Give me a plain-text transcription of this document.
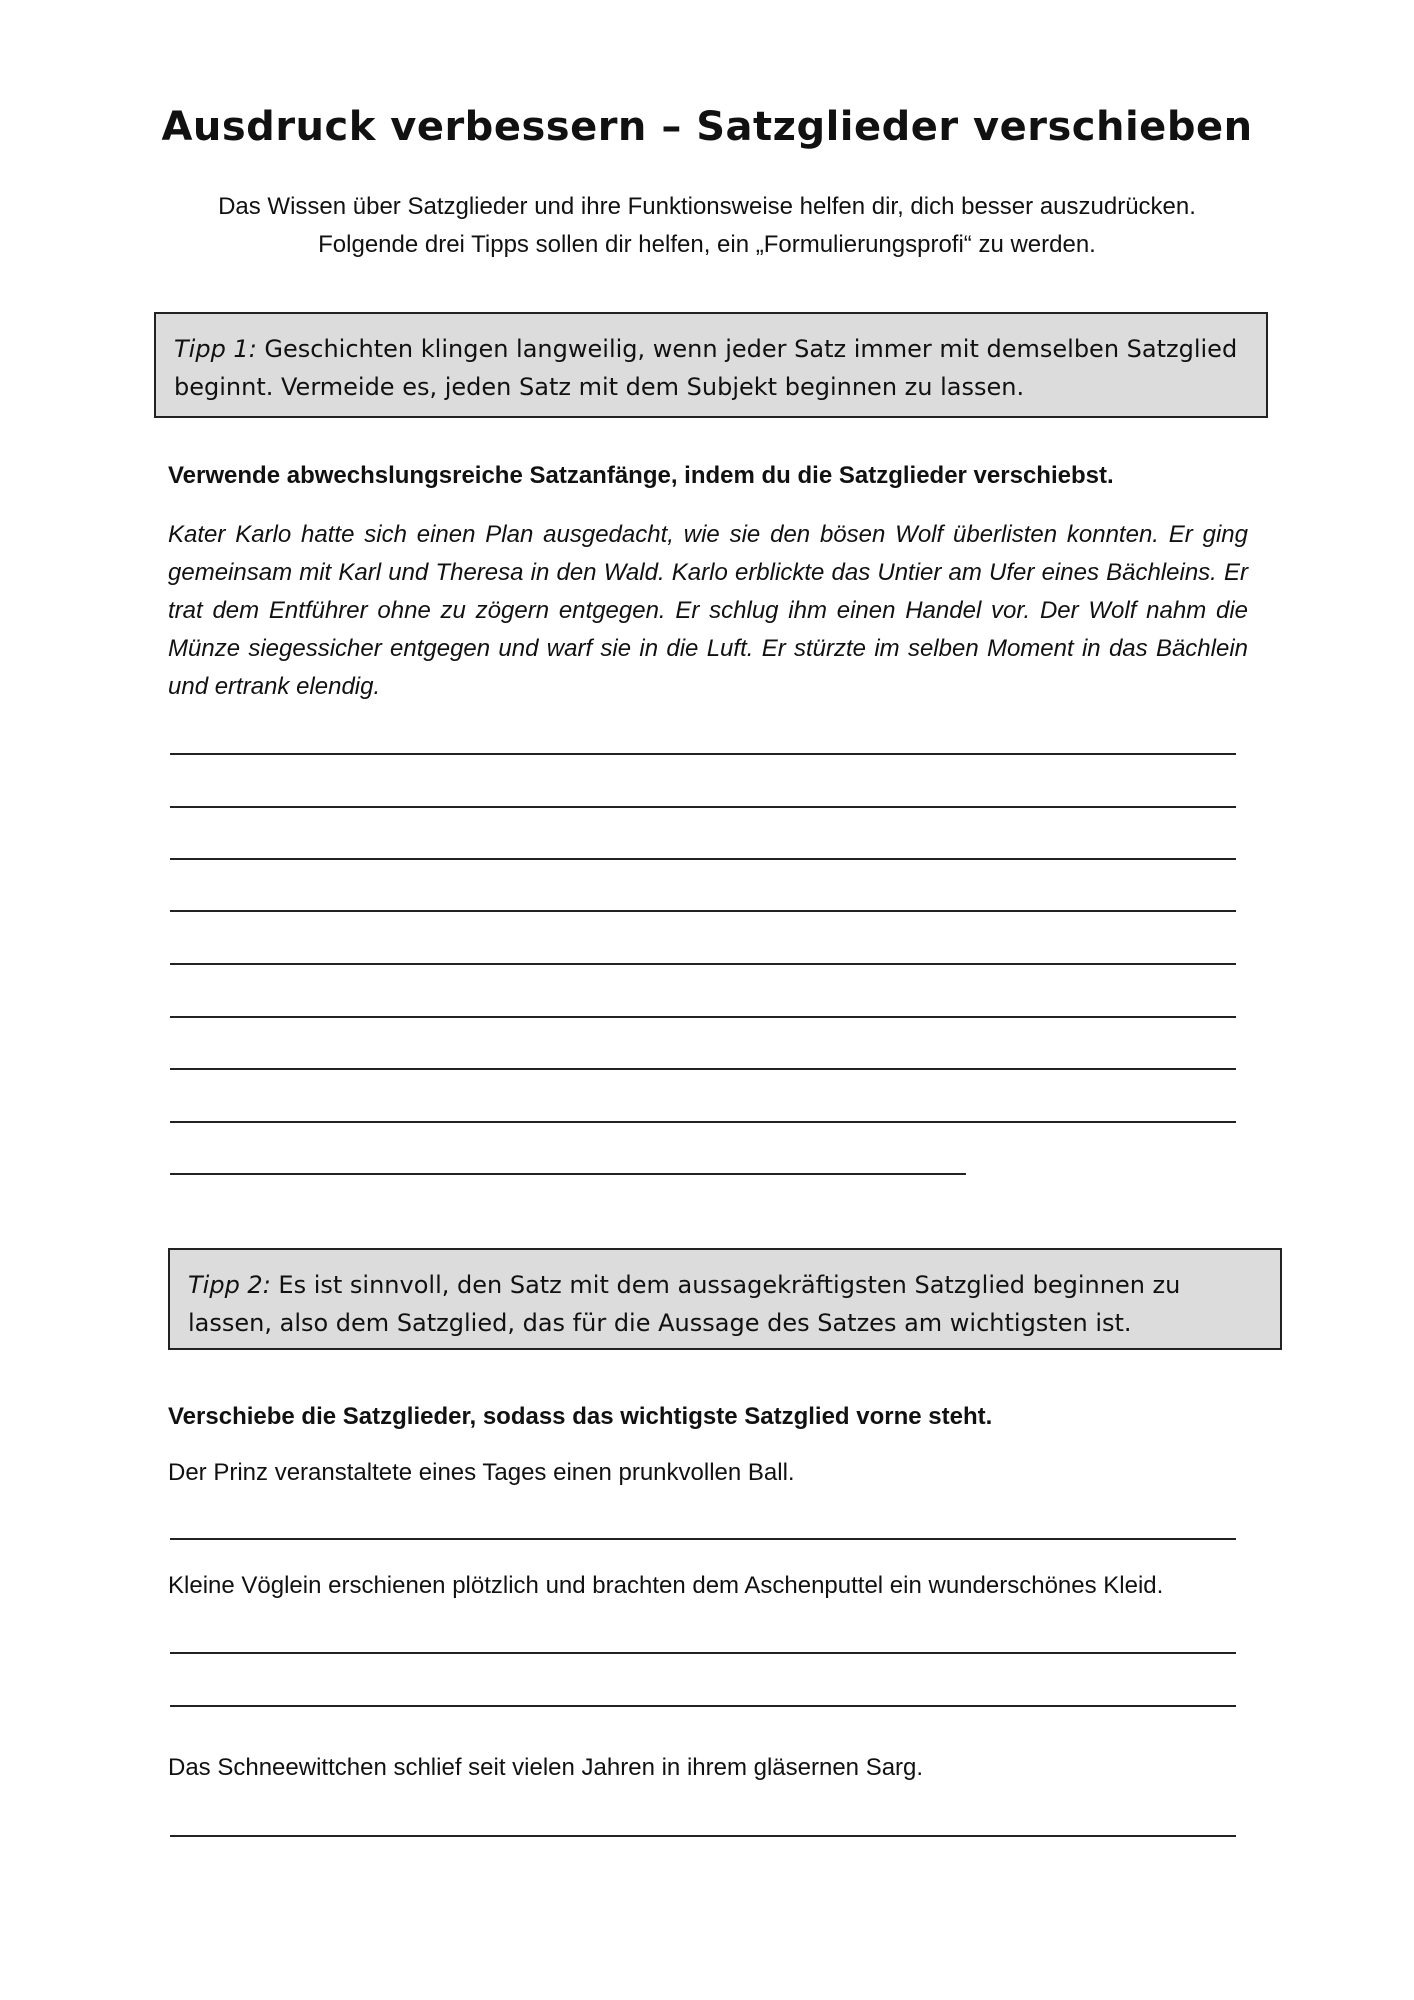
Ausdruck verbessern – Satzglieder verschieben
Das Wissen über Satzglieder und ihre Funktionsweise helfen dir, dich besser auszudrücken.
Folgende drei Tipps sollen dir helfen, ein „Formulierungsprofi“ zu werden.
Tipp 1: Geschichten klingen langweilig, wenn jeder Satz immer mit demselben Satzglied beginnt. Vermeide es, jeden Satz mit dem Subjekt beginnen zu lassen.
Verwende abwechslungsreiche Satzanfänge, indem du die Satzglieder verschiebst.
Kater Karlo hatte sich einen Plan ausgedacht, wie sie den bösen Wolf überlisten konnten. Er ging gemeinsam mit Karl und Theresa in den Wald. Karlo erblickte das Untier am Ufer eines Bächleins. Er trat dem Entführer ohne zu zögern entgegen. Er schlug ihm einen Handel vor. Der Wolf nahm die Münze siegessicher entgegen und warf sie in die Luft. Er stürzte im selben Moment in das Bächlein und ertrank elendig.
Tipp 2: Es ist sinnvoll, den Satz mit dem aussagekräftigsten Satzglied beginnen zu lassen, also dem Satzglied, das für die Aussage des Satzes am wichtigsten ist.
Verschiebe die Satzglieder, sodass das wichtigste Satzglied vorne steht.
Der Prinz veranstaltete eines Tages einen prunkvollen Ball.
Kleine Vöglein erschienen plötzlich und brachten dem Aschenputtel ein wunderschönes Kleid.
Das Schneewittchen schlief seit vielen Jahren in ihrem gläsernen Sarg.
